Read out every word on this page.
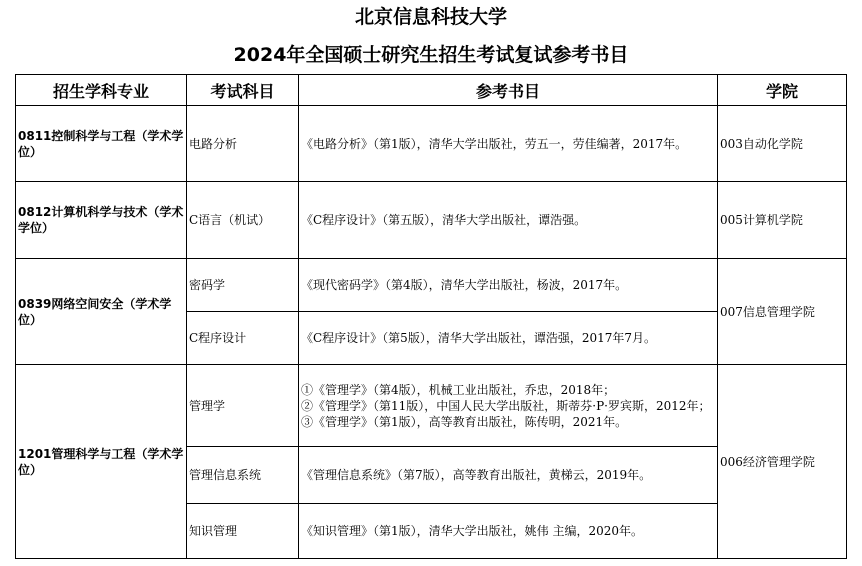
北京信息科技大学
2024年全国硕士研究生招生考试复试参考书目
招生学科专业	考试科目	参考书目	学院
0811控制科学与工程（学术学位）	电路分析	《电路分析》（第1版），清华大学出版社，劳五一，劳佳编著，2017年。	003自动化学院
0812计算机科学与技术（学术学位）	C语言（机试）	《C程序设计》（第五版），清华大学出版社，谭浩强。	005计算机学院
0839网络空间安全（学术学位）	密码学	《现代密码学》（第4版），清华大学出版社，杨波，2017年。	007信息管理学院
	C程序设计	《C程序设计》（第5版），清华大学出版社，谭浩强，2017年7月。	
1201管理科学与工程（学术学位）	管理学	①《管理学》（第4版），机械工业出版社，乔忠，2018年；
②《管理学》（第11版），中国人民大学出版社，斯蒂芬·P·罗宾斯，2012年；
③《管理学》（第1版），高等教育出版社，陈传明，2021年。	006经济管理学院
	管理信息系统	《管理信息系统》（第7版），高等教育出版社，黄梯云，2019年。	
	知识管理	《知识管理》（第1版），清华大学出版社，姚伟 主编，2020年。	
